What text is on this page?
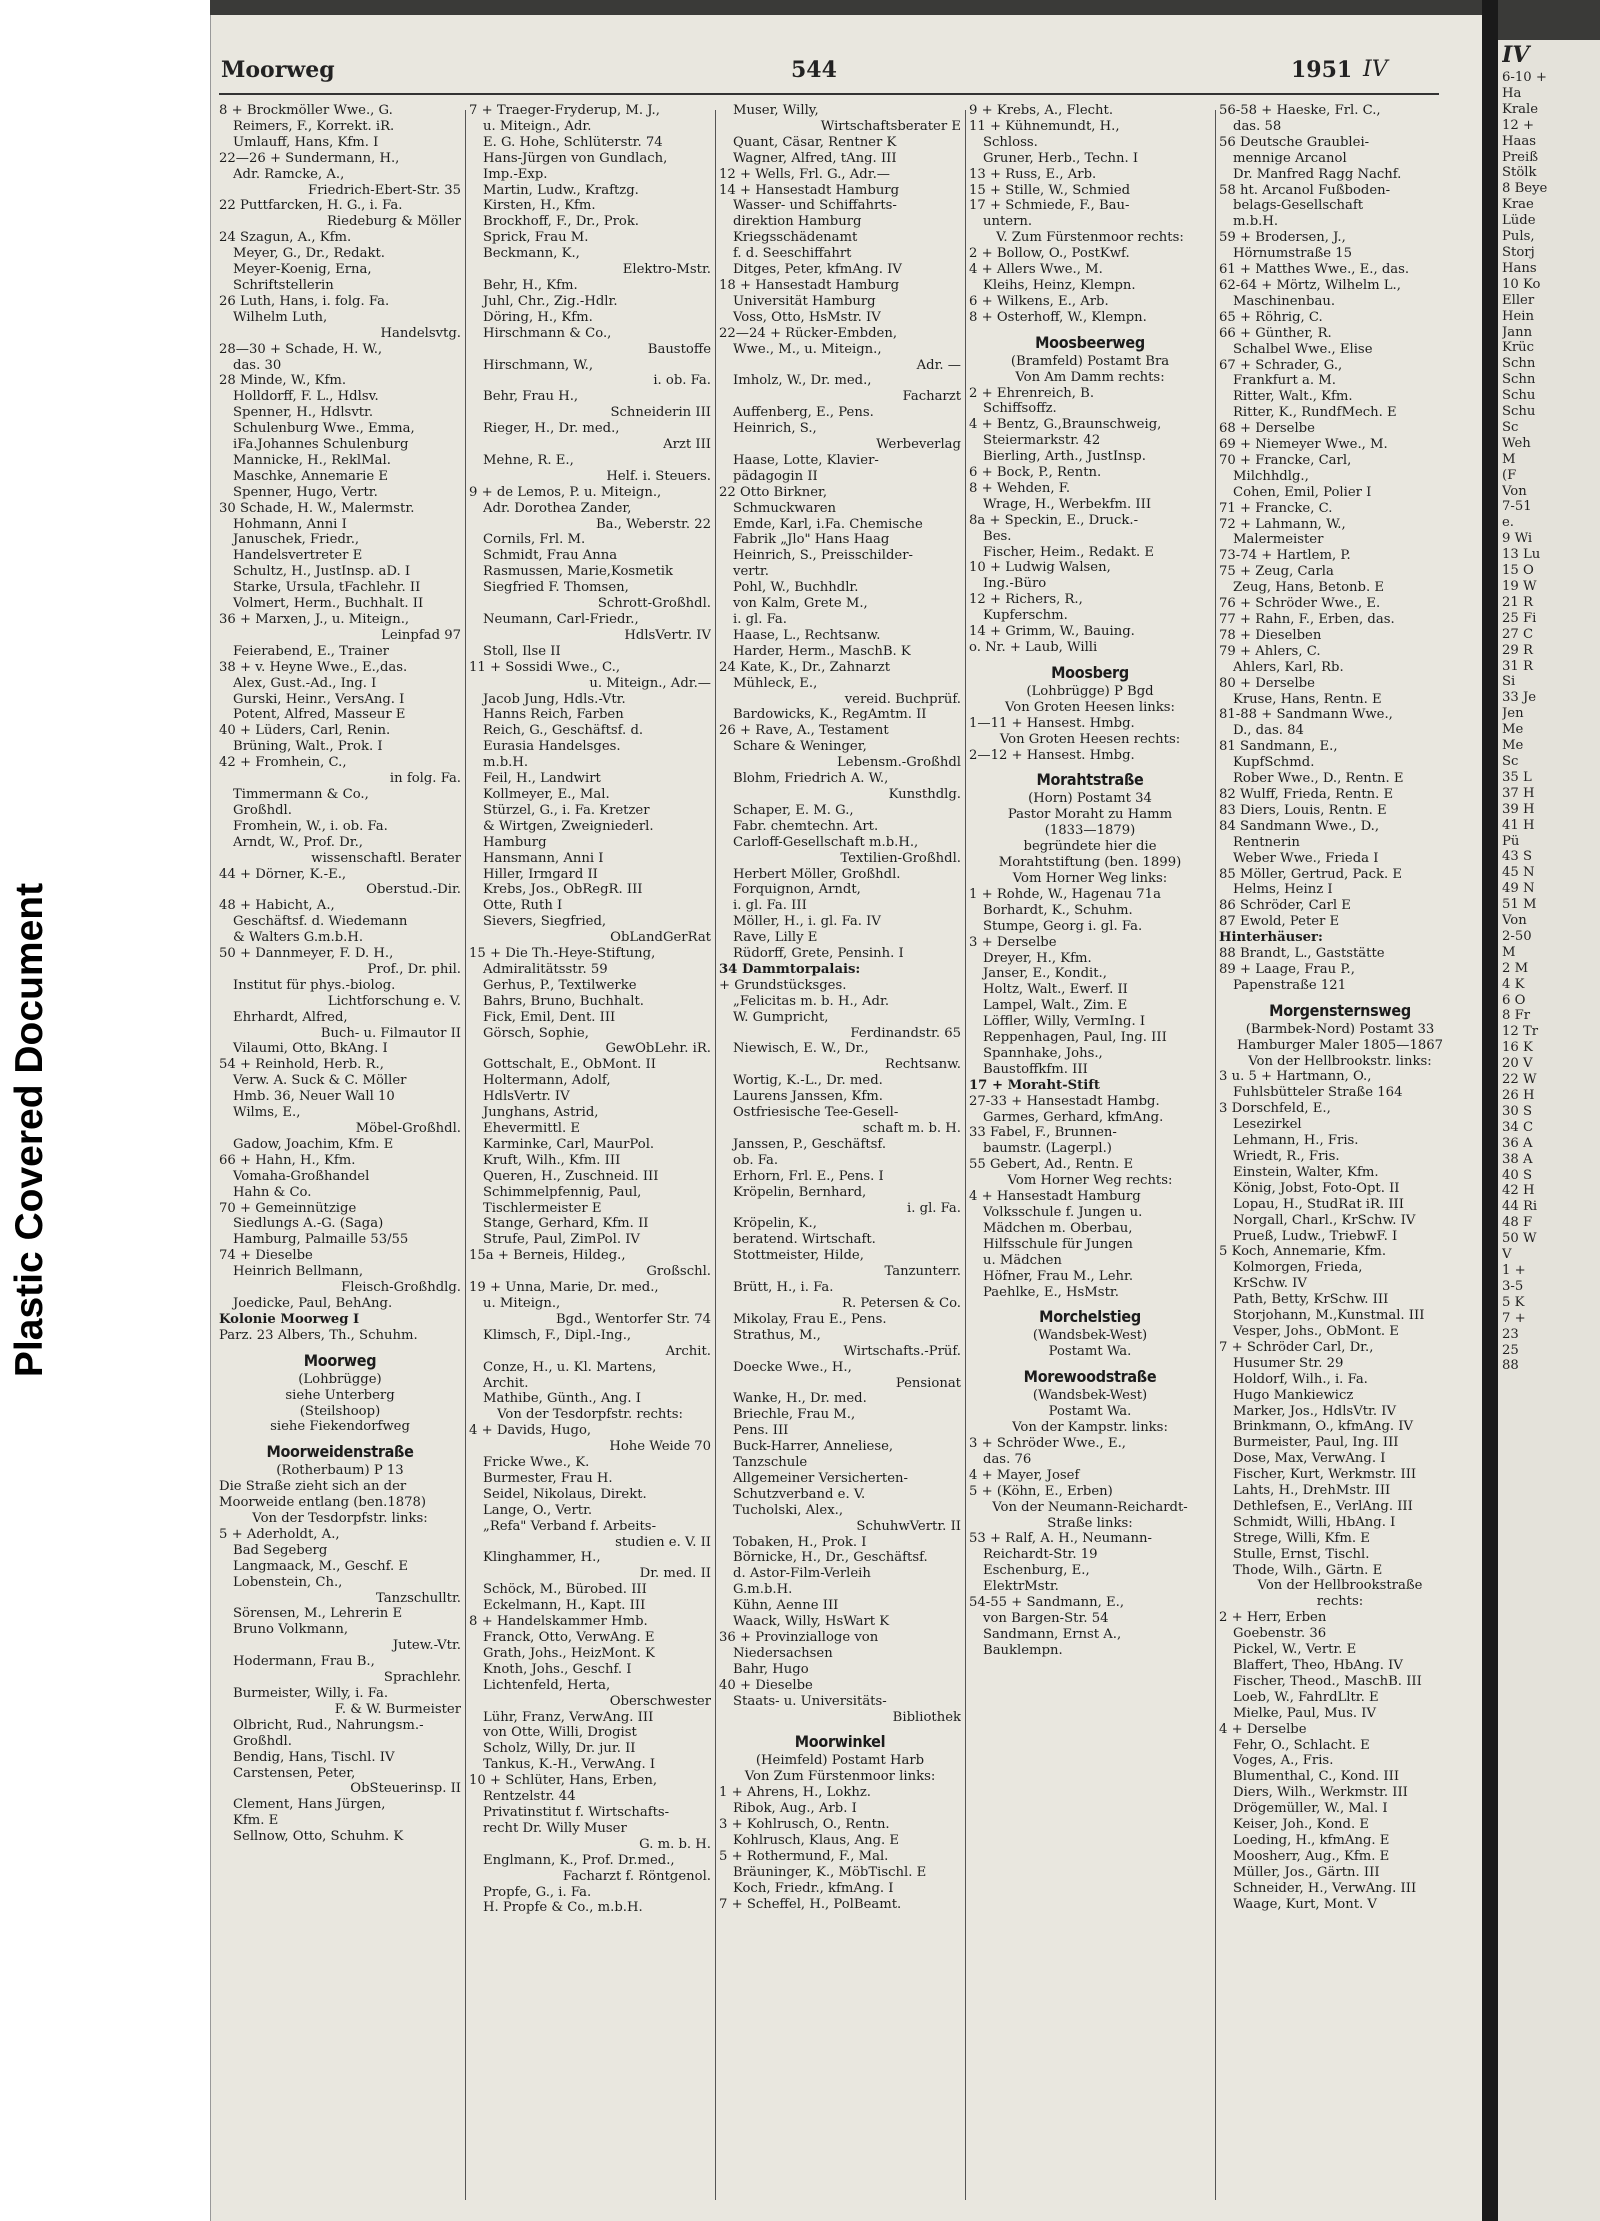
Plastic Covered Document
Moorweg	544	1951 IV
8 + Brockmöller Wwe., G.
Reimers, F., Korrekt. iR.
Umlauff, Hans, Kfm. I
22—26 + Sundermann, H.,
Adr. Ramcke, A.,
Friedrich-Ebert-Str. 35
22 Puttfarcken, H. G., i. Fa.
Riedeburg & Möller
24 Szagun, A., Kfm.
Meyer, G., Dr., Redakt.
Meyer-Koenig, Erna,
Schriftstellerin
26 Luth, Hans, i. folg. Fa.
Wilhelm Luth,
Handelsvtg.
28—30 + Schade, H. W.,
das. 30
28 Minde, W., Kfm.
Holldorff, F. L., Hdlsv.
Spenner, H., Hdlsvtr.
Schulenburg Wwe., Emma,
iFa.Johannes Schulenburg
Mannicke, H., ReklMal.
Maschke, Annemarie E
Spenner, Hugo, Vertr.
30 Schade, H. W., Malermstr.
Hohmann, Anni I
Januschek, Friedr.,
Handelsvertreter E
Schultz, H., JustInsp. aD. I
Starke, Ursula, tFachlehr. II
Volmert, Herm., Buchhalt. II
36 + Marxen, J., u. Miteign.,
Leinpfad 97
Feierabend, E., Trainer
38 + v. Heyne Wwe., E.,das.
Alex, Gust.-Ad., Ing. I
Gurski, Heinr., VersAng. I
Potent, Alfred, Masseur E
40 + Lüders, Carl, Renin.
Brüning, Walt., Prok. I
42 + Fromhein, C.,
in folg. Fa.
Timmermann & Co.,
Großhdl.
Fromhein, W., i. ob. Fa.
Arndt, W., Prof. Dr.,
wissenschaftl. Berater
44 + Dörner, K.-E.,
Oberstud.-Dir.
48 + Habicht, A.,
Geschäftsf. d. Wiedemann
& Walters G.m.b.H.
50 + Dannmeyer, F. D. H.,
Prof., Dr. phil.
Institut für phys.-biolog.
Lichtforschung e. V.
Ehrhardt, Alfred,
Buch- u. Filmautor II
Vilaumi, Otto, BkAng. I
54 + Reinhold, Herb. R.,
Verw. A. Suck & C. Möller
Hmb. 36, Neuer Wall 10
Wilms, E.,
Möbel-Großhdl.
Gadow, Joachim, Kfm. E
66 + Hahn, H., Kfm.
Vomaha-Großhandel
Hahn & Co.
70 + Gemeinnützige
Siedlungs A.-G. (Saga)
Hamburg, Palmaille 53/55
74 + Dieselbe
Heinrich Bellmann,
Fleisch-Großhdlg.
Joedicke, Paul, BehAng.
Kolonie Moorweg I
Parz. 23 Albers, Th., Schuhm.
Moorweg
(Lohbrügge)
siehe Unterberg
(Steilshoop)
siehe Fiekendorfweg
Moorweidenstraße
(Rotherbaum) P 13
Die Straße zieht sich an der
Moorweide entlang (ben.1878)
Von der Tesdorpfstr. links:
5 + Aderholdt, A.,
Bad Segeberg
Langmaack, M., Geschf. E
Lobenstein, Ch.,
Tanzschulltr.
Sörensen, M., Lehrerin E
Bruno Volkmann,
Jutew.-Vtr.
Hodermann, Frau B.,
Sprachlehr.
Burmeister, Willy, i. Fa.
F. & W. Burmeister
Olbricht, Rud., Nahrungsm.-
Großhdl.
Bendig, Hans, Tischl. IV
Carstensen, Peter,
ObSteuerinsp. II
Clement, Hans Jürgen,
Kfm. E
Sellnow, Otto, Schuhm. K
7 + Traeger-Fryderup, M. J.,
u. Miteign., Adr.
E. G. Hohe, Schlüterstr. 74
Hans-Jürgen von Gundlach,
Imp.-Exp.
Martin, Ludw., Kraftzg.
Kirsten, H., Kfm.
Brockhoff, F., Dr., Prok.
Sprick, Frau M.
Beckmann, K.,
Elektro-Mstr.
Behr, H., Kfm.
Juhl, Chr., Zig.-Hdlr.
Döring, H., Kfm.
Hirschmann & Co.,
Baustoffe
Hirschmann, W.,
i. ob. Fa.
Behr, Frau H.,
Schneiderin III
Rieger, H., Dr. med.,
Arzt III
Mehne, R. E.,
Helf. i. Steuers.
9 + de Lemos, P. u. Miteign.,
Adr. Dorothea Zander,
Ba., Weberstr. 22
Cornils, Frl. M.
Schmidt, Frau Anna
Rasmussen, Marie,Kosmetik
Siegfried F. Thomsen,
Schrott-Großhdl.
Neumann, Carl-Friedr.,
HdlsVertr. IV
Stoll, Ilse II
11 + Sossidi Wwe., C.,
u. Miteign., Adr.—
Jacob Jung, Hdls.-Vtr.
Hanns Reich, Farben
Reich, G., Geschäftsf. d.
Eurasia Handelsges.
m.b.H.
Feil, H., Landwirt
Kollmeyer, E., Mal.
Stürzel, G., i. Fa. Kretzer
& Wirtgen, Zweigniederl.
Hamburg
Hansmann, Anni I
Hiller, Irmgard II
Krebs, Jos., ObRegR. III
Otte, Ruth I
Sievers, Siegfried,
ObLandGerRat
15 + Die Th.-Heye-Stiftung,
Admiralitätsstr. 59
Gerhus, P., Textilwerke
Bahrs, Bruno, Buchhalt.
Fick, Emil, Dent. III
Görsch, Sophie,
GewObLehr. iR.
Gottschalt, E., ObMont. II
Holtermann, Adolf,
HdlsVertr. IV
Junghans, Astrid,
Ehevermittl. E
Karminke, Carl, MaurPol.
Kruft, Wilh., Kfm. III
Queren, H., Zuschneid. III
Schimmelpfennig, Paul,
Tischlermeister E
Stange, Gerhard, Kfm. II
Strufe, Paul, ZimPol. IV
15a + Berneis, Hildeg.,
Großschl.
19 + Unna, Marie, Dr. med.,
u. Miteign.,
Bgd., Wentorfer Str. 74
Klimsch, F., Dipl.-Ing.,
Archit.
Conze, H., u. Kl. Martens,
Archit.
Mathibe, Günth., Ang. I
Von der Tesdorpfstr. rechts:
4 + Davids, Hugo,
Hohe Weide 70
Fricke Wwe., K.
Burmester, Frau H.
Seidel, Nikolaus, Direkt.
Lange, O., Vertr.
„Refa" Verband f. Arbeits-
studien e. V. II
Klinghammer, H.,
Dr. med. II
Schöck, M., Bürobed. III
Eckelmann, H., Kapt. III
8 + Handelskammer Hmb.
Franck, Otto, VerwAng. E
Grath, Johs., HeizMont. K
Knoth, Johs., Geschf. I
Lichtenfeld, Herta,
Oberschwester
Lühr, Franz, VerwAng. III
von Otte, Willi, Drogist
Scholz, Willy, Dr. jur. II
Tankus, K.-H., VerwAng. I
10 + Schlüter, Hans, Erben,
Rentzelstr. 44
Privatinstitut f. Wirtschafts-
recht Dr. Willy Muser
G. m. b. H.
Englmann, K., Prof. Dr.med.,
Facharzt f. Röntgenol.
Propfe, G., i. Fa.
H. Propfe & Co., m.b.H.
Muser, Willy,
Wirtschaftsberater E
Quant, Cäsar, Rentner K
Wagner, Alfred, tAng. III
12 + Wells, Frl. G., Adr.—
14 + Hansestadt Hamburg
Wasser- und Schiffahrts-
direktion Hamburg
Kriegsschädenamt
f. d. Seeschiffahrt
Ditges, Peter, kfmAng. IV
18 + Hansestadt Hamburg
Universität Hamburg
Voss, Otto, HsMstr. IV
22—24 + Rücker-Embden,
Wwe., M., u. Miteign.,
Adr. —
Imholz, W., Dr. med.,
Facharzt
Auffenberg, E., Pens.
Heinrich, S.,
Werbeverlag
Haase, Lotte, Klavier-
pädagogin II
22 Otto Birkner,
Schmuckwaren
Emde, Karl, i.Fa. Chemische
Fabrik „Jlo" Hans Haag
Heinrich, S., Preisschilder-
vertr.
Pohl, W., Buchhdlr.
von Kalm, Grete M.,
i. gl. Fa.
Haase, L., Rechtsanw.
Harder, Herm., MaschB. K
24 Kate, K., Dr., Zahnarzt
Mühleck, E.,
vereid. Buchprüf.
Bardowicks, K., RegAmtm. II
26 + Rave, A., Testament
Schare & Weninger,
Lebensm.-Großhdl
Blohm, Friedrich A. W.,
Kunsthdlg.
Schaper, E. M. G.,
Fabr. chemtechn. Art.
Carloff-Gesellschaft m.b.H.,
Textilien-Großhdl.
Herbert Möller, Großhdl.
Forquignon, Arndt,
i. gl. Fa. III
Möller, H., i. gl. Fa. IV
Rave, Lilly E
Rüdorff, Grete, Pensinh. I
34 Dammtorpalais:
+ Grundstücksges.
„Felicitas m. b. H., Adr.
W. Gumpricht,
Ferdinandstr. 65
Niewisch, E. W., Dr.,
Rechtsanw.
Wortig, K.-L., Dr. med.
Laurens Janssen, Kfm.
Ostfriesische Tee-Gesell-
schaft m. b. H.
Janssen, P., Geschäftsf.
ob. Fa.
Erhorn, Frl. E., Pens. I
Kröpelin, Bernhard,
i. gl. Fa.
Kröpelin, K.,
beratend. Wirtschaft.
Stottmeister, Hilde,
Tanzunterr.
Brütt, H., i. Fa.
R. Petersen & Co.
Mikolay, Frau E., Pens.
Strathus, M.,
Wirtschafts.-Prüf.
Doecke Wwe., H.,
Pensionat
Wanke, H., Dr. med.
Briechle, Frau M.,
Pens. III
Buck-Harrer, Anneliese,
Tanzschule
Allgemeiner Versicherten-
Schutzverband e. V.
Tucholski, Alex.,
SchuhwVertr. II
Tobaken, H., Prok. I
Börnicke, H., Dr., Geschäftsf.
d. Astor-Film-Verleih
G.m.b.H.
Kühn, Aenne III
Waack, Willy, HsWart K
36 + Provinzialloge von
Niedersachsen
Bahr, Hugo
40 + Dieselbe
Staats- u. Universitäts-
Bibliothek
Moorwinkel
(Heimfeld) Postamt Harb
Von Zum Fürstenmoor links:
1 + Ahrens, H., Lokhz.
Ribok, Aug., Arb. I
3 + Kohlrusch, O., Rentn.
Kohlrusch, Klaus, Ang. E
5 + Rothermund, F., Mal.
Bräuninger, K., MöbTischl. E
Koch, Friedr., kfmAng. I
7 + Scheffel, H., PolBeamt.
9 + Krebs, A., Flecht.
11 + Kühnemundt, H.,
Schloss.
Gruner, Herb., Techn. I
13 + Russ, E., Arb.
15 + Stille, W., Schmied
17 + Schmiede, F., Bau-
untern.
V. Zum Fürstenmoor rechts:
2 + Bollow, O., PostKwf.
4 + Allers Wwe., M.
Kleihs, Heinz, Klempn.
6 + Wilkens, E., Arb.
8 + Osterhoff, W., Klempn.
Moosbeerweg
(Bramfeld) Postamt Bra
Von Am Damm rechts:
2 + Ehrenreich, B.
Schiffsoffz.
4 + Bentz, G.,Braunschweig,
Steiermarkstr. 42
Bierling, Arth., JustInsp.
6 + Bock, P., Rentn.
8 + Wehden, F.
Wrage, H., Werbekfm. III
8a + Speckin, E., Druck.-
Bes.
Fischer, Heim., Redakt. E
10 + Ludwig Walsen,
Ing.-Büro
12 + Richers, R.,
Kupferschm.
14 + Grimm, W., Bauing.
o. Nr. + Laub, Willi
Moosberg
(Lohbrügge) P Bgd
Von Groten Heesen links:
1—11 + Hansest. Hmbg.
Von Groten Heesen rechts:
2—12 + Hansest. Hmbg.
Morahtstraße
(Horn) Postamt 34
Pastor Moraht zu Hamm
(1833—1879)
begründete hier die
Morahtstiftung (ben. 1899)
Vom Horner Weg links:
1 + Rohde, W., Hagenau 71a
Borhardt, K., Schuhm.
Stumpe, Georg i. gl. Fa.
3 + Derselbe
Dreyer, H., Kfm.
Janser, E., Kondit.,
Holtz, Walt., Ewerf. II
Lampel, Walt., Zim. E
Löffler, Willy, VermIng. I
Reppenhagen, Paul, Ing. III
Spannhake, Johs.,
Baustoffkfm. III
17 + Moraht-Stift
27-33 + Hansestadt Hambg.
Garmes, Gerhard, kfmAng.
33 Fabel, F., Brunnen-
baumstr. (Lagerpl.)
55 Gebert, Ad., Rentn. E
Vom Horner Weg rechts:
4 + Hansestadt Hamburg
Volksschule f. Jungen u.
Mädchen m. Oberbau,
Hilfsschule für Jungen
u. Mädchen
Höfner, Frau M., Lehr.
Paehlke, E., HsMstr.
Morchelstieg
(Wandsbek-West)
Postamt Wa.
Morewoodstraße
(Wandsbek-West)
Postamt Wa.
Von der Kampstr. links:
3 + Schröder Wwe., E.,
das. 76
4 + Mayer, Josef
5 + (Köhn, E., Erben)
Von der Neumann-Reichardt-
Straße links:
53 + Ralf, A. H., Neumann-
Reichardt-Str. 19
Eschenburg, E.,
ElektrMstr.
54-55 + Sandmann, E.,
von Bargen-Str. 54
Sandmann, Ernst A.,
Bauklempn.
56-58 + Haeske, Frl. C.,
das. 58
56 Deutsche Graublei-
mennige Arcanol
Dr. Manfred Ragg Nachf.
58 ht. Arcanol Fußboden-
belags-Gesellschaft
m.b.H.
59 + Brodersen, J.,
Hörnumstraße 15
61 + Matthes Wwe., E., das.
62-64 + Mörtz, Wilhelm L.,
Maschinenbau.
65 + Röhrig, C.
66 + Günther, R.
Schalbel Wwe., Elise
67 + Schrader, G.,
Frankfurt a. M.
Ritter, Walt., Kfm.
Ritter, K., RundfMech. E
68 + Derselbe
69 + Niemeyer Wwe., M.
70 + Francke, Carl,
Milchhdlg.,
Cohen, Emil, Polier I
71 + Francke, C.
72 + Lahmann, W.,
Malermeister
73-74 + Hartlem, P.
75 + Zeug, Carla
Zeug, Hans, Betonb. E
76 + Schröder Wwe., E.
77 + Rahn, F., Erben, das.
78 + Dieselben
79 + Ahlers, C.
Ahlers, Karl, Rb.
80 + Derselbe
Kruse, Hans, Rentn. E
81-88 + Sandmann Wwe.,
D., das. 84
81 Sandmann, E.,
KupfSchmd.
Rober Wwe., D., Rentn. E
82 Wulff, Frieda, Rentn. E
83 Diers, Louis, Rentn. E
84 Sandmann Wwe., D.,
Rentnerin
Weber Wwe., Frieda I
85 Möller, Gertrud, Pack. E
Helms, Heinz I
86 Schröder, Carl E
87 Ewold, Peter E
Hinterhäuser:
88 Brandt, L., Gaststätte
89 + Laage, Frau P.,
Papenstraße 121
Morgensternsweg
(Barmbek-Nord) Postamt 33
Hamburger Maler 1805—1867
Von der Hellbrookstr. links:
3 u. 5 + Hartmann, O.,
Fuhlsbütteler Straße 164
3 Dorschfeld, E.,
Lesezirkel
Lehmann, H., Fris.
Wriedt, R., Fris.
Einstein, Walter, Kfm.
König, Jobst, Foto-Opt. II
Lopau, H., StudRat iR. III
Norgall, Charl., KrSchw. IV
Prueß, Ludw., TriebwF. I
5 Koch, Annemarie, Kfm.
Kolmorgen, Frieda,
KrSchw. IV
Path, Betty, KrSchw. III
Storjohann, M.,Kunstmal. III
Vesper, Johs., ObMont. E
7 + Schröder Carl, Dr.,
Husumer Str. 29
Holdorf, Wilh., i. Fa.
Hugo Mankiewicz
Marker, Jos., HdlsVtr. IV
Brinkmann, O., kfmAng. IV
Burmeister, Paul, Ing. III
Dose, Max, VerwAng. I
Fischer, Kurt, Werkmstr. III
Lahts, H., DrehMstr. III
Dethlefsen, E., VerlAng. III
Schmidt, Willi, HbAng. I
Strege, Willi, Kfm. E
Stulle, Ernst, Tischl.
Thode, Wilh., Gärtn. E
Von der Hellbrookstraße
rechts:
2 + Herr, Erben
Goebenstr. 36
Pickel, W., Vertr. E
Blaffert, Theo, HbAng. IV
Fischer, Theod., MaschB. III
Loeb, W., FahrdLltr. E
Mielke, Paul, Mus. IV
4 + Derselbe
Fehr, O., Schlacht. E
Voges, A., Fris.
Blumenthal, C., Kond. III
Diers, Wilh., Werkmstr. III
Drögemüller, W., Mal. I
Keiser, Joh., Kond. E
Loeding, H., kfmAng. E
Moosherr, Aug., Kfm. E
Müller, Jos., Gärtn. III
Schneider, H., VerwAng. III
Waage, Kurt, Mont. V
IV
6-10 +
Ha
Krale
12 +
Haas
Preiß
Stölk
8 Beye
Krae
Lüde
Puls,
Storj
Hans
10 Ko
Eller
Hein
Jann
Krüc
Schn
Schn
Schu
Schu
Sc
Weh
M
(F
Von
7-51
e.
9 Wi
13 Lu
15 O
19 W
21 R
25 Fi
27 C
29 R
31 R
Si
33 Je
Jen
Me
Me
Sc
35 L
37 H
39 H
41 H
Pü
43 S
45 N
49 N
51 M
Von
2-50
M
2 M
4 K
6 O
8 Fr
12 Tr
16 K
20 V
22 W
26 H
30 S
34 C
36 A
38 A
40 S
42 H
44 Ri
48 F
50 W
V
1 +
3-5
5 K
7 +
23
25
88
